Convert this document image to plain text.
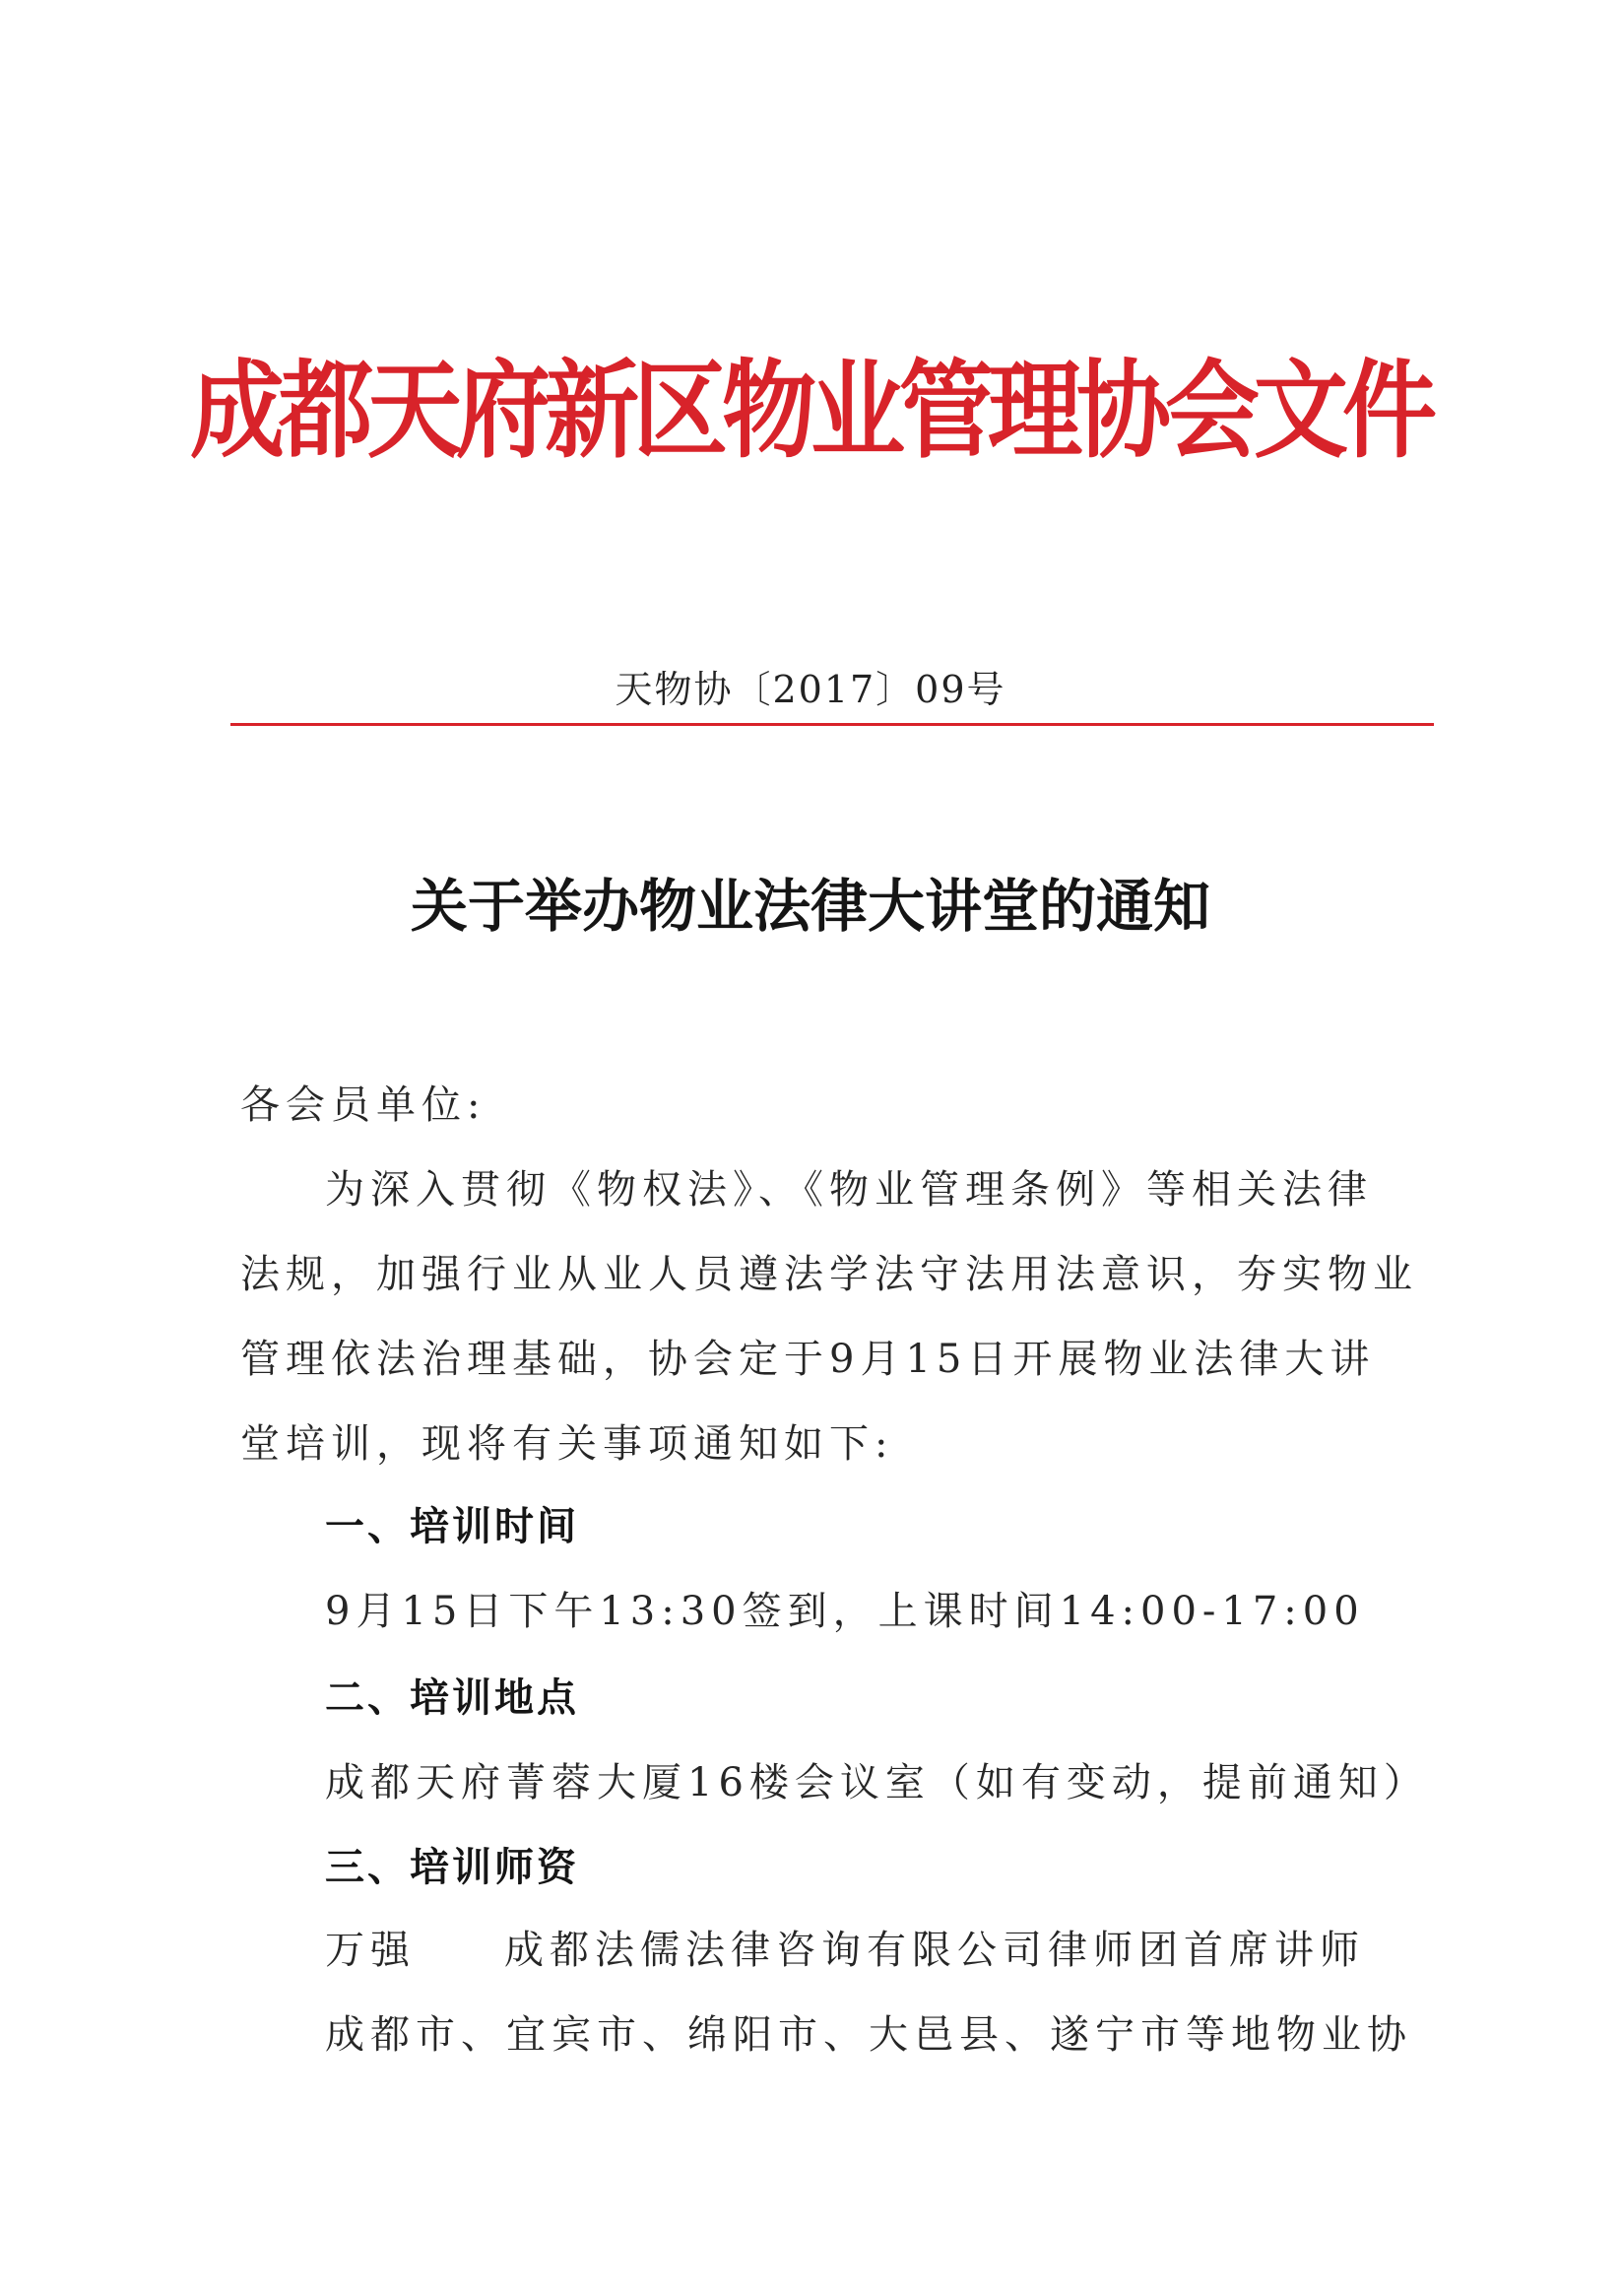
成都天府新区物业管理协会文件
天物协〔2017〕09号
关于举办物业法律大讲堂的通知
各会员单位:
为深入贯彻《物权法》、《物业管理条例》等相关法律
法规，加强行业从业人员遵法学法守法用法意识，夯实物业
管理依法治理基础，协会定于9月15日开展物业法律大讲
堂培训，现将有关事项通知如下:
一、培训时间
9月15日下午13:30签到，上课时间14:00-17:00
二、培训地点
成都天府菁蓉大厦16楼会议室（如有变动，提前通知）
三、培训师资
万强 成都法儒法律咨询有限公司律师团首席讲师
成都市、宜宾市、绵阳市、大邑县、遂宁市等地物业协
